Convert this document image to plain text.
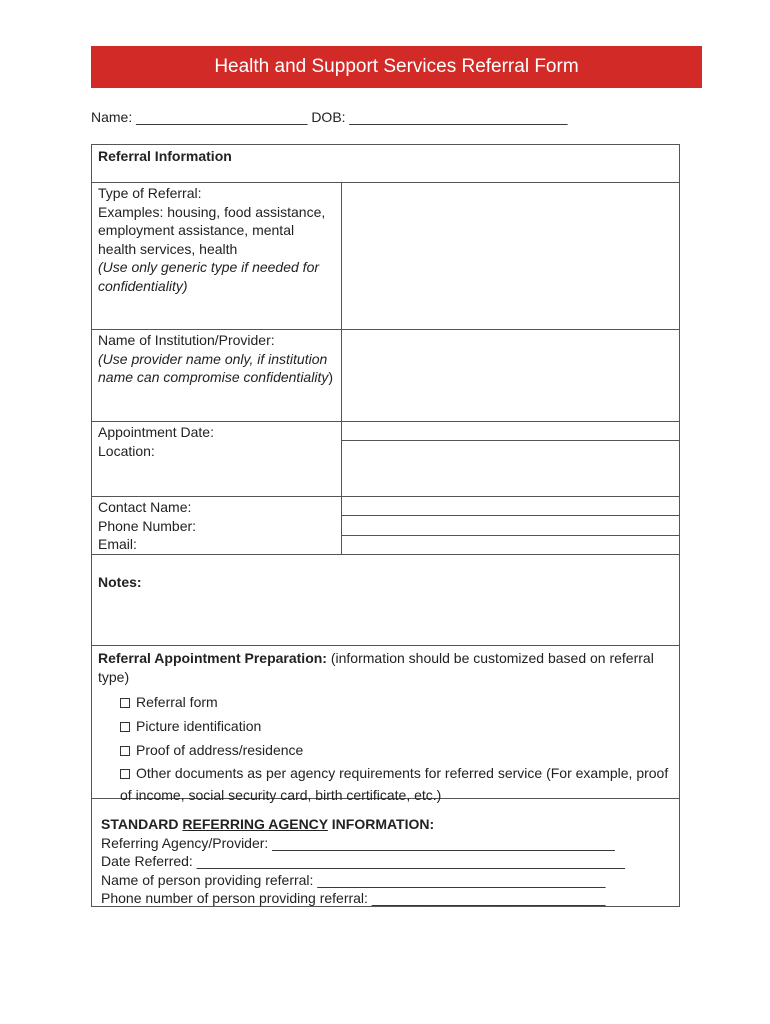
Health and Support Services Referral Form
Name: ______________________ DOB: ____________________________
Referral Information
Type of Referral:
Examples: housing, food assistance, employment assistance, mental health services, health
(Use only generic type if needed for confidentiality)
Name of Institution/Provider:
(Use provider name only, if institution name can compromise confidentiality)
Appointment Date:
Location:
Contact Name:
Phone Number:
Email:
Notes:
Referral Appointment Preparation: (information should be customized based on referral type)
Referral form
Picture identification
Proof of address/residence
Other documents as per agency requirements for referred service (For example, proof of income, social security card, birth certificate, etc.)
STANDARD REFERRING AGENCY INFORMATION:
Referring Agency/Provider: ____________________________________________
Date Referred: _______________________________________________________
Name of person providing referral: _____________________________________
Phone number of person providing referral: ______________________________
